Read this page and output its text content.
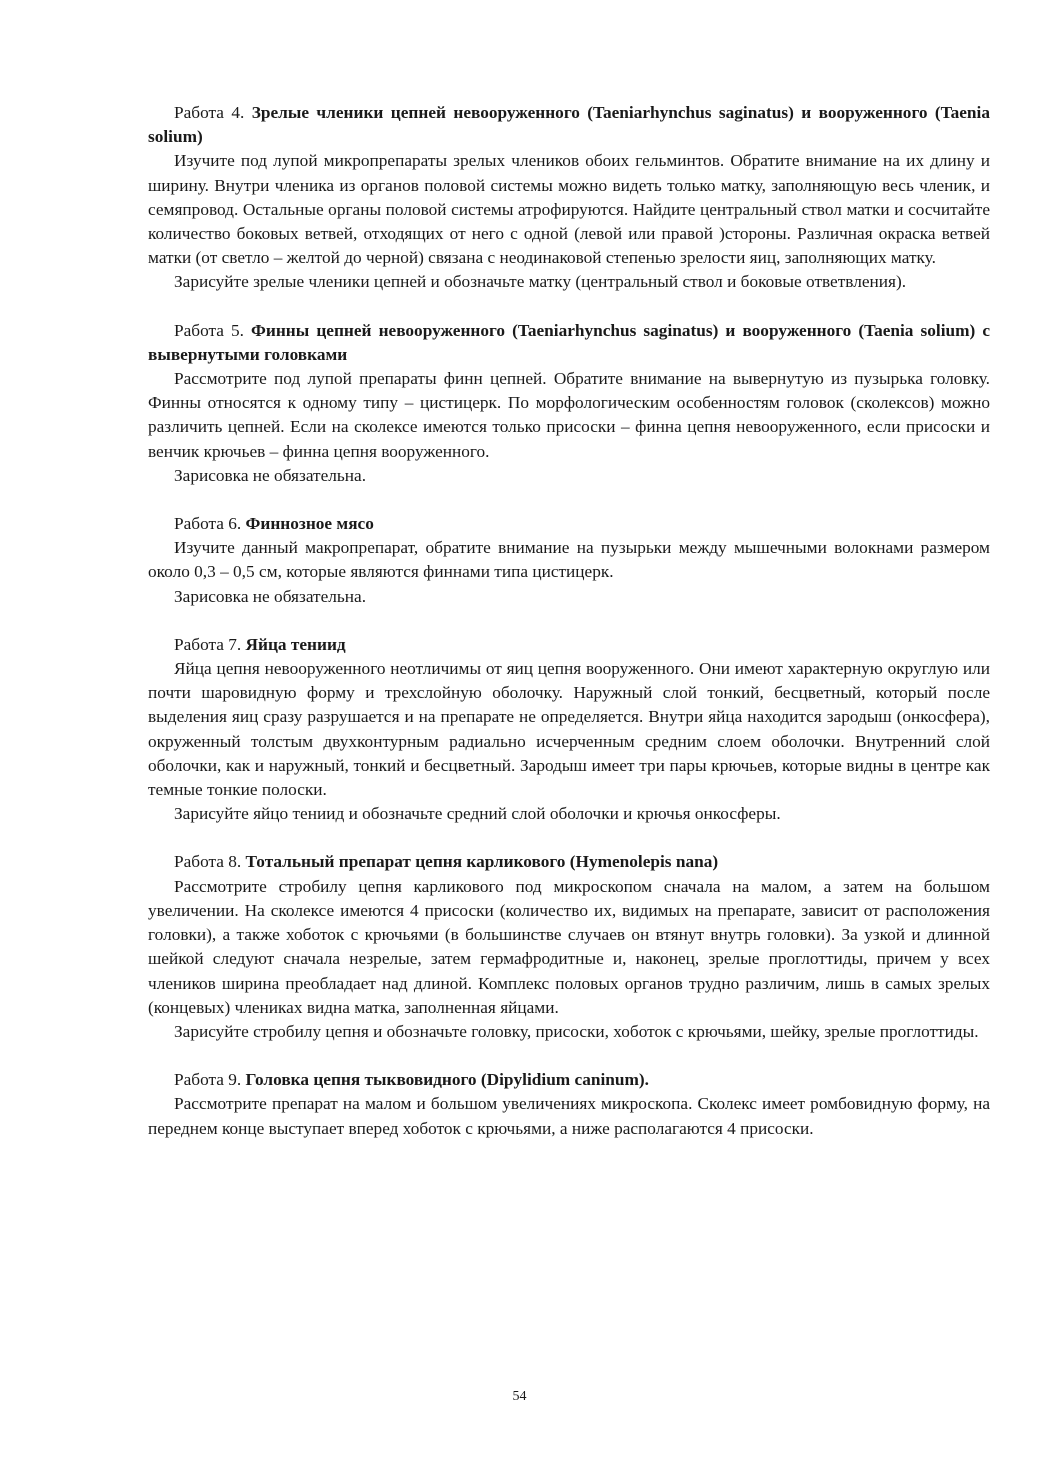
Работа 4. Зрелые членики цепней невооруженного (Taeniarhynchus saginatus) и вооруженного (Taenia solium)

Изучите под лупой микропрепараты зрелых члеников обоих гельминтов. Обратите внимание на их длину и ширину. Внутри членика из органов половой системы можно видеть только матку, заполняющую весь членик, и семяпровод. Остальные органы половой системы атрофируются. Найдите центральный ствол матки и сосчитайте количество боковых ветвей, отходящих от него с одной (левой или правой )стороны. Различная окраска ветвей матки (от светло – желтой до черной) связана с неодинаковой степенью зрелости яиц, заполняющих матку.

Зарисуйте зрелые членики цепней и обозначьте матку (центральный ствол и боковые ответвления).

Работа 5. Финны цепней невооруженного (Taeniarhynchus saginatus) и вооруженного (Taenia solium) с вывернутыми головками

Рассмотрите под лупой препараты финн цепней. Обратите внимание на вывернутую из пузырька головку. Финны относятся к одному типу – цистицерк. По морфологическим особенностям головок (сколексов) можно различить цепней. Если на сколексе имеются только присоски – финна цепня невооруженного, если присоски и венчик крючьев – финна цепня вооруженного.

Зарисовка не обязательна.

Работа 6. Финнозное мясо

Изучите данный макропрепарат, обратите внимание на пузырьки между мышечными волокнами размером около 0,3 – 0,5 см, которые являются финнами типа цистицерк.

Зарисовка не обязательна.

Работа 7. Яйца тениид

Яйца цепня невооруженного неотличимы от яиц цепня вооруженного. Они имеют характерную округлую или почти шаровидную форму и трехслойную оболочку. Наружный слой тонкий, бесцветный, который после выделения яиц сразу разрушается и на препарате не определяется. Внутри яйца находится зародыш (онкосфера), окруженный толстым двухконтурным радиально исчерченным средним слоем оболочки. Внутренний слой оболочки, как и наружный, тонкий и бесцветный. Зародыш имеет три пары крючьев, которые видны в центре как темные тонкие полоски.

Зарисуйте яйцо тениид и обозначьте средний слой оболочки и крючья онкосферы.

Работа 8. Тотальный препарат цепня карликового (Hymenolepis nana)

Рассмотрите стробилу цепня карликового под микроскопом сначала на малом, а затем на большом увеличении. На сколексе имеются 4 присоски (количество их, видимых на препарате, зависит от расположения головки), а также хоботок с крючьями (в большинстве случаев он втянут внутрь головки). За узкой и длинной шейкой следуют сначала незрелые, затем гермафродитные и, наконец, зрелые проглоттиды, причем у всех члеников ширина преобладает над длиной. Комплекс половых органов трудно различим, лишь в самых зрелых (концевых) члениках видна матка, заполненная яйцами.

Зарисуйте стробилу цепня и обозначьте головку, присоски, хоботок с крючьями, шейку, зрелые проглоттиды.

Работа 9. Головка цепня тыквовидного (Dipylidium caninum).

Рассмотрите препарат на малом и большом увеличениях микроскопа. Сколекс имеет ромбовидную форму, на переднем конце выступает вперед хоботок с крючьями, а ниже располагаются 4 присоски.

54
